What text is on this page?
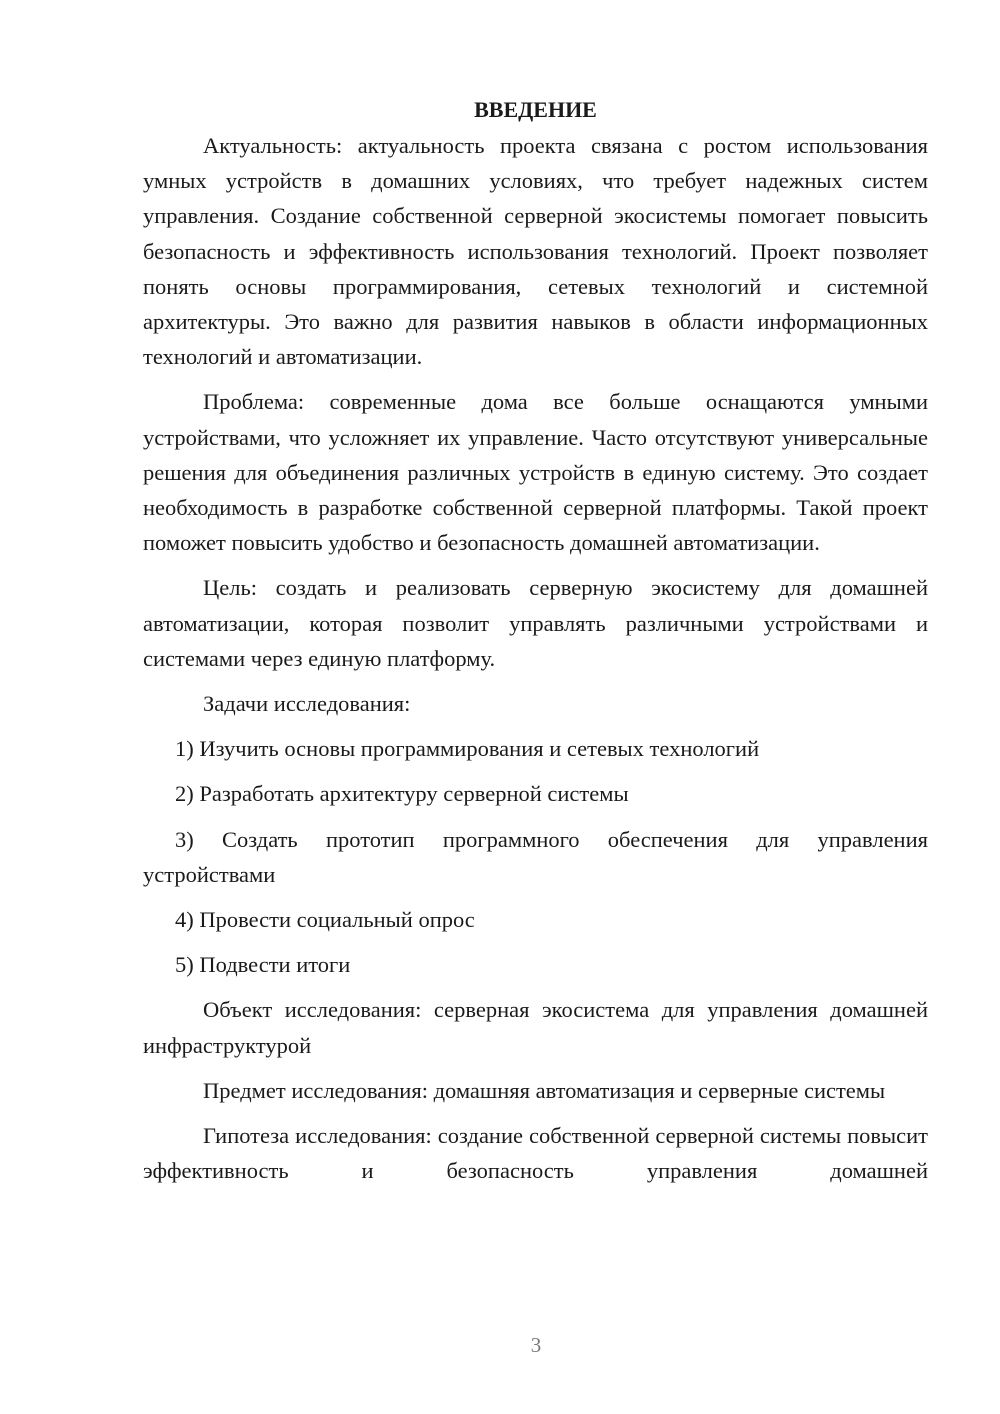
ВВЕДЕНИЕ

Актуальность: актуальность проекта связана с ростом использования умных устройств в домашних условиях, что требует надежных систем управления. Создание собственной серверной экосистемы помогает повысить безопасность и эффективность использования технологий. Проект позволяет понять основы программирования, сетевых технологий и системной архитектуры. Это важно для развития навыков в области информационных технологий и автоматизации.

Проблема: современные дома все больше оснащаются умными устройствами, что усложняет их управление. Часто отсутствуют универсальные решения для объединения различных устройств в единую систему. Это создает необходимость в разработке собственной серверной платформы. Такой проект поможет повысить удобство и безопасность домашней автоматизации.

Цель: создать и реализовать серверную экосистему для домашней автоматизации, которая позволит управлять различными устройствами и системами через единую платформу.

Задачи исследования:

1) Изучить основы программирования и сетевых технологий

2) Разработать архитектуру серверной системы

3) Создать прототип программного обеспечения для управления устройствами

4) Провести социальный опрос

5) Подвести итоги

Объект исследования: серверная экосистема для управления домашней инфраструктурой

Предмет исследования: домашняя автоматизация и серверные системы

Гипотеза исследования: создание собственной серверной системы повысит эффективность и безопасность управления домашней

3
